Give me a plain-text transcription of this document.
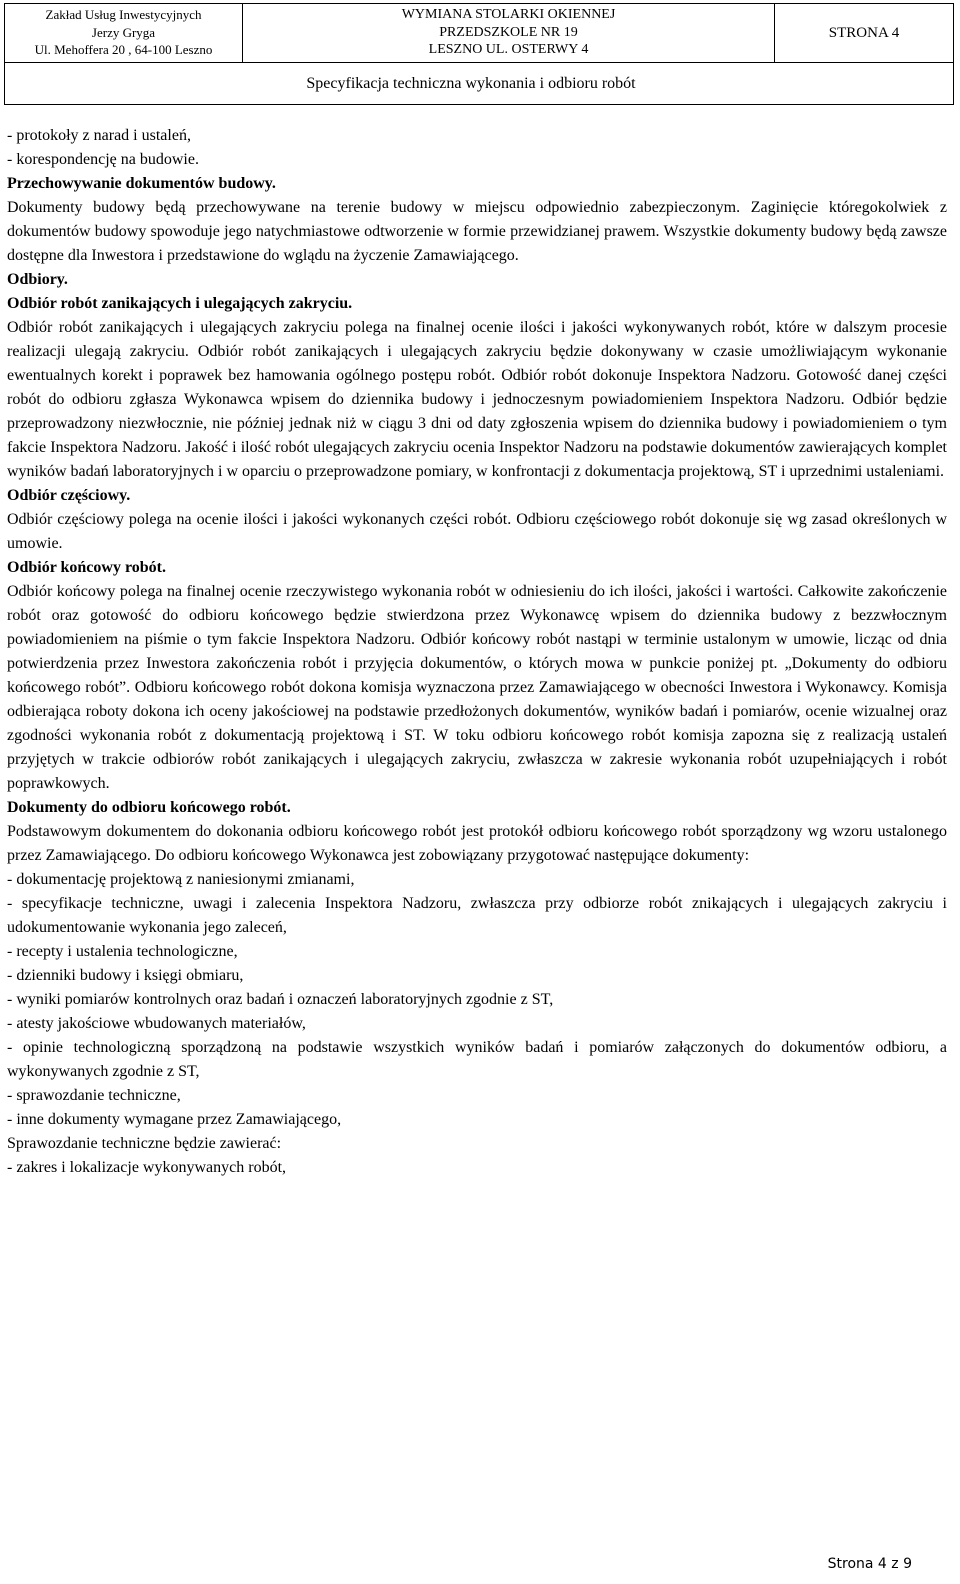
Zakład Usług Inwestycyjnych
Jerzy Gryga
Ul. Mehoffera 20 , 64-100 Leszno
WYMIANA STOLARKI OKIENNEJ
PRZEDSZKOLE NR 19
LESZNO UL. OSTERWY 4
STRONA 4
Specyfikacja techniczna wykonania i odbioru robót

- protokoły z narad i ustaleń,

- korespondencję na budowie.

Przechowywanie dokumentów budowy.

Dokumenty budowy będą przechowywane na terenie budowy w miejscu odpowiednio zabezpieczonym. Zaginięcie któregokolwiek z dokumentów budowy spowoduje jego natychmiastowe odtworzenie w formie przewidzianej prawem. Wszystkie dokumenty budowy będą zawsze dostępne dla Inwestora i przedstawione do wglądu na życzenie Zamawiającego.

Odbiory.
Odbiór robót zanikających i ulegających zakryciu.

Odbiór robót zanikających i ulegających zakryciu polega na finalnej ocenie ilości i jakości wykonywanych robót, które w dalszym procesie realizacji ulegają zakryciu. Odbiór robót zanikających i ulegających zakryciu będzie dokonywany w czasie umożliwiającym wykonanie ewentualnych korekt i poprawek bez hamowania ogólnego postępu robót. Odbiór robót dokonuje Inspektora Nadzoru. Gotowość danej części robót do odbioru zgłasza Wykonawca wpisem do dziennika budowy i jednoczesnym powiadomieniem Inspektora Nadzoru. Odbiór będzie przeprowadzony niezwłocznie, nie później jednak niż w ciągu 3 dni od daty zgłoszenia wpisem do dziennika budowy i powiadomieniem o tym fakcie Inspektora Nadzoru. Jakość i ilość robót ulegających zakryciu ocenia Inspektor Nadzoru na podstawie dokumentów zawierających komplet wyników badań laboratoryjnych i w oparciu o przeprowadzone pomiary, w konfrontacji z dokumentacja projektową, ST i uprzednimi ustaleniami.

Odbiór częściowy.

Odbiór częściowy polega na ocenie ilości i jakości wykonanych części robót. Odbioru częściowego robót dokonuje się wg zasad określonych w umowie.

Odbiór końcowy robót.

Odbiór końcowy polega na finalnej ocenie rzeczywistego wykonania robót w odniesieniu do ich ilości, jakości i wartości. Całkowite zakończenie robót oraz gotowość do odbioru końcowego będzie stwierdzona przez Wykonawcę wpisem do dziennika budowy z bezzwłocznym powiadomieniem na piśmie o tym fakcie Inspektora Nadzoru. Odbiór końcowy robót nastąpi w terminie ustalonym w umowie, licząc od dnia potwierdzenia przez Inwestora zakończenia robót i przyjęcia dokumentów, o których mowa w punkcie poniżej pt. „Dokumenty do odbioru końcowego robót”. Odbioru końcowego robót dokona komisja wyznaczona przez Zamawiającego w obecności Inwestora i Wykonawcy. Komisja odbierająca roboty dokona ich oceny jakościowej na podstawie przedłożonych dokumentów, wyników badań i pomiarów, ocenie wizualnej oraz zgodności wykonania robót z dokumentacją projektową i ST. W toku odbioru końcowego robót komisja zapozna się z realizacją ustaleń przyjętych w trakcie odbiorów robót zanikających i ulegających zakryciu, zwłaszcza w zakresie wykonania robót uzupełniających i robót poprawkowych.

Dokumenty do odbioru końcowego robót.

Podstawowym dokumentem do dokonania odbioru końcowego robót jest protokół odbioru końcowego robót sporządzony wg wzoru ustalonego przez Zamawiającego. Do odbioru końcowego Wykonawca jest zobowiązany przygotować następujące dokumenty:

- dokumentację projektową z naniesionymi zmianami,

- specyfikacje techniczne, uwagi i zalecenia Inspektora Nadzoru, zwłaszcza przy odbiorze robót znikających i ulegających zakryciu i udokumentowanie wykonania jego zaleceń,

- recepty i ustalenia technologiczne,

- dzienniki budowy i księgi obmiaru,

- wyniki pomiarów kontrolnych oraz badań i oznaczeń laboratoryjnych zgodnie z ST,

- atesty jakościowe wbudowanych materiałów,

- opinie technologiczną sporządzoną na podstawie wszystkich wyników badań i pomiarów załączonych do dokumentów odbioru, a wykonywanych zgodnie z ST,

- sprawozdanie techniczne,

- inne dokumenty wymagane przez Zamawiającego,

Sprawozdanie techniczne będzie zawierać:

- zakres i lokalizacje wykonywanych robót,

Strona 4 z 9
